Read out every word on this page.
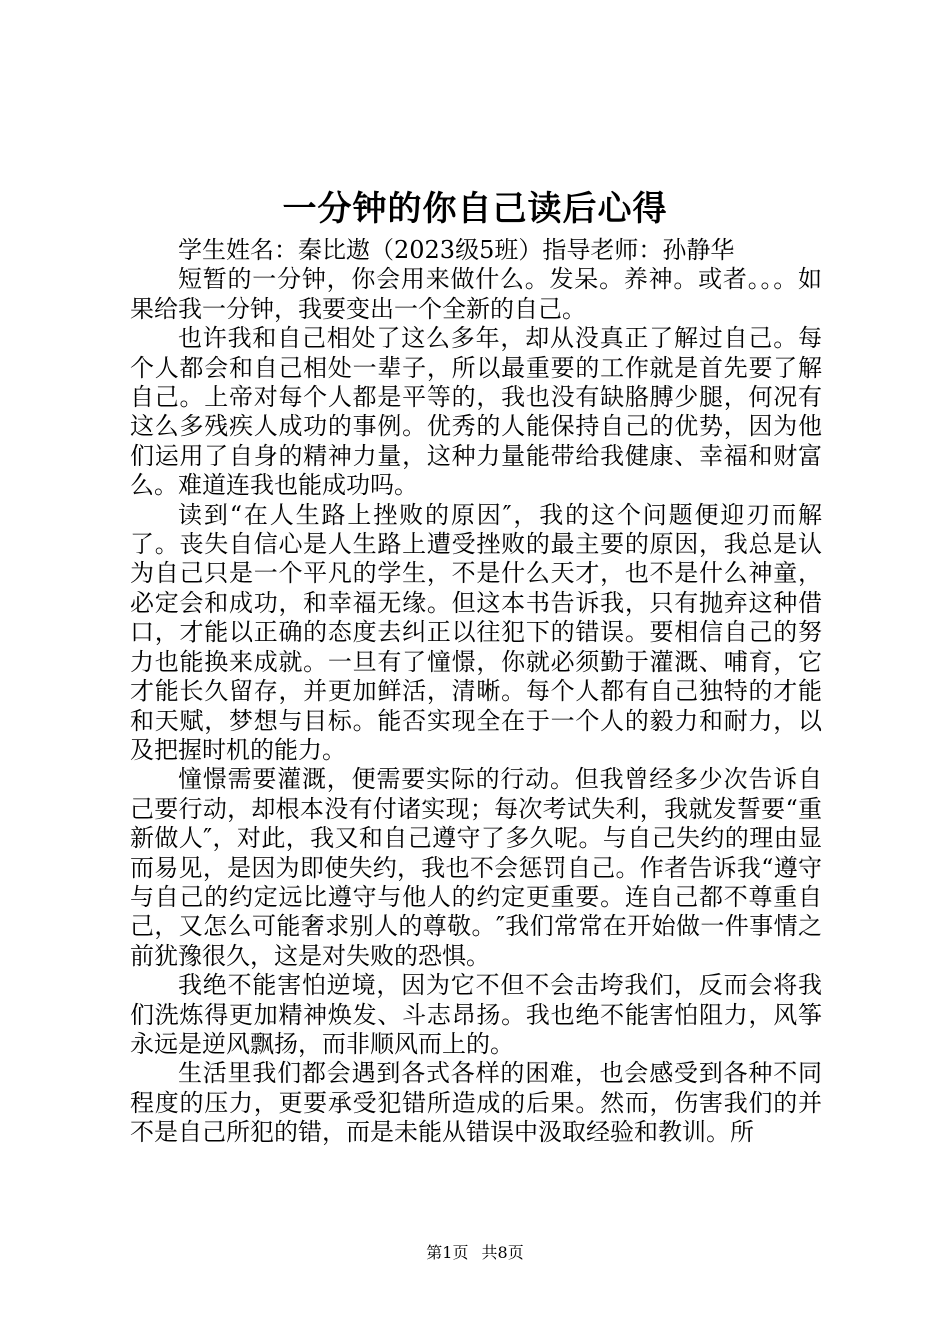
一分钟的你自己读后心得

学生姓名：秦比遨（2023级5班）指导老师：孙静华

短暂的一分钟，你会用来做什么。发呆。养神。或者。。。如果给我一分钟，我要变出一个全新的自己。

也许我和自己相处了这么多年，却从没真正了解过自己。每个人都会和自己相处一辈子，所以最重要的工作就是首先要了解自己。上帝对每个人都是平等的，我也没有缺胳膊少腿，何况有这么多残疾人成功的事例。优秀的人能保持自己的优势，因为他们运用了自身的精神力量，这种力量能带给我健康、幸福和财富么。难道连我也能成功吗。

读到“在人生路上挫败的原因″，我的这个问题便迎刃而解了。丧失自信心是人生路上遭受挫败的最主要的原因，我总是认为自己只是一个平凡的学生，不是什么天才，也不是什么神童，必定会和成功，和幸福无缘。但这本书告诉我，只有抛弃这种借口，才能以正确的态度去纠正以往犯下的错误。要相信自己的努力也能换来成就。一旦有了憧憬，你就必须勤于灌溉、哺育，它才能长久留存，并更加鲜活，清晰。每个人都有自己独特的才能和天赋，梦想与目标。能否实现全在于一个人的毅力和耐力，以及把握时机的能力。

憧憬需要灌溉，便需要实际的行动。但我曾经多少次告诉自己要行动，却根本没有付诸实现；每次考试失利，我就发誓要“重新做人″，对此，我又和自己遵守了多久呢。与自己失约的理由显而易见，是因为即使失约，我也不会惩罚自己。作者告诉我“遵守与自己的约定远比遵守与他人的约定更重要。连自己都不尊重自己，又怎么可能奢求别人的尊敬。″我们常常在开始做一件事情之前犹豫很久，这是对失败的恐惧。

我绝不能害怕逆境，因为它不但不会击垮我们，反而会将我们洗炼得更加精神焕发、斗志昂扬。我也绝不能害怕阻力，风筝永远是逆风飘扬，而非顺风而上的。

生活里我们都会遇到各式各样的困难，也会感受到各种不同程度的压力，更要承受犯错所造成的后果。然而，伤害我们的并不是自己所犯的错，而是未能从错误中汲取经验和教训。所

第1页 共8页
